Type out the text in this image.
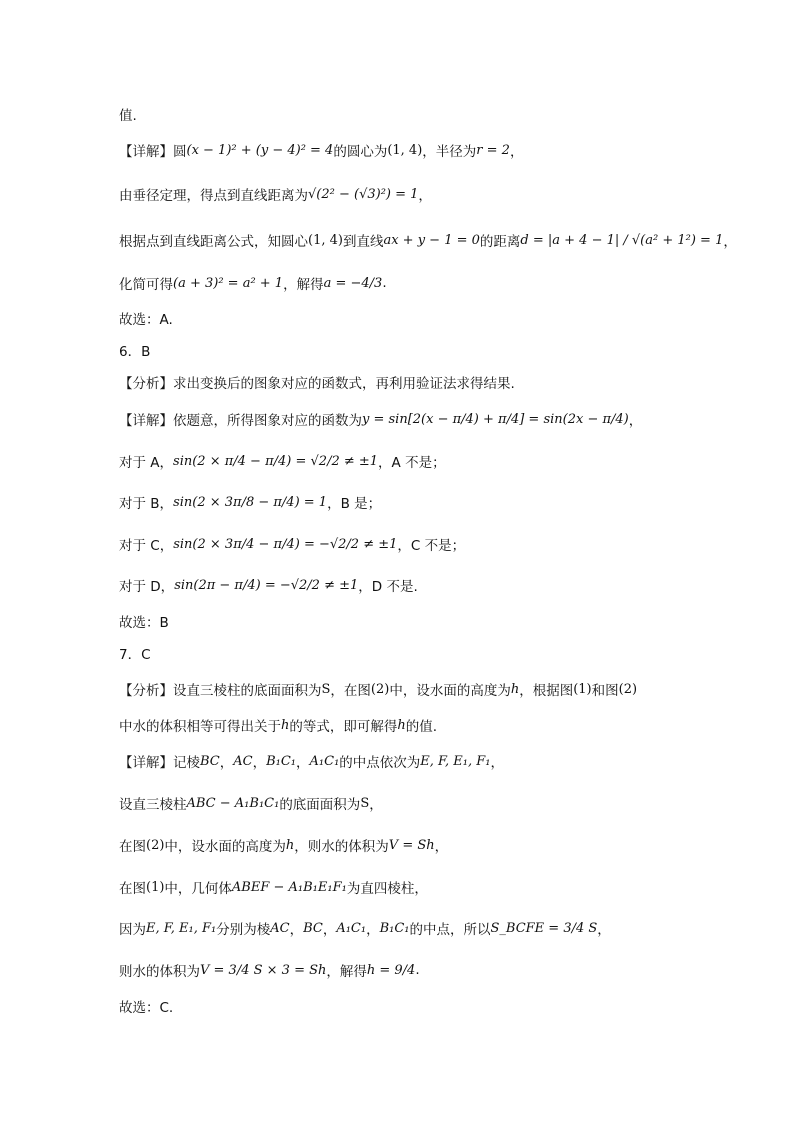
值.
【详解】圆 (x − 1)² + (y − 4)² = 4 的圆心为 (1, 4) ，半径为 r = 2 ，
由垂径定理，得点到直线距离为 √(2² − (√3)²) = 1 ，
根据点到直线距离公式，知圆心 (1, 4) 到直线 ax + y − 1 = 0 的距离 d = |a + 4 − 1| / √(a² + 1²) = 1 ，
化简可得 (a + 3)² = a² + 1 ，解得 a = −4/3 .
故选：A.
6．B
【分析】求出变换后的图象对应的函数式，再利用验证法求得结果.
【详解】依题意，所得图象对应的函数为 y = sin[2(x − π/4) + π/4] = sin(2x − π/4) ，
对于 A， sin(2 × π/4 − π/4) = √2/2 ≠ ±1 ，A 不是；
对于 B， sin(2 × 3π/8 − π/4) = 1 ，B 是；
对于 C， sin(2 × 3π/4 − π/4) = −√2/2 ≠ ±1 ，C 不是；
对于 D， sin(2π − π/4) = −√2/2 ≠ ±1 ，D 不是.
故选：B
7．C
【分析】设直三棱柱的底面面积为 S ，在图 (2) 中，设水面的高度为 h ，根据图 (1) 和图 (2)
中水的体积相等可得出关于 h 的等式，即可解得 h 的值.
【详解】记棱 BC ， AC ， B₁C₁ ， A₁C₁ 的中点依次为 E, F, E₁, F₁ ，
设直三棱柱 ABC − A₁B₁C₁ 的底面面积为 S ，
在图 (2) 中，设水面的高度为 h ，则水的体积为 V = Sh ，
在图 (1) 中，几何体 ABEF − A₁B₁E₁F₁ 为直四棱柱，
因为 E, F, E₁, F₁ 分别为棱 AC ， BC ， A₁C₁ ， B₁C₁ 的中点，所以 S_BCFE = 3/4 S ，
则水的体积为 V = 3/4 S × 3 = Sh ，解得 h = 9/4 .
故选：C.
